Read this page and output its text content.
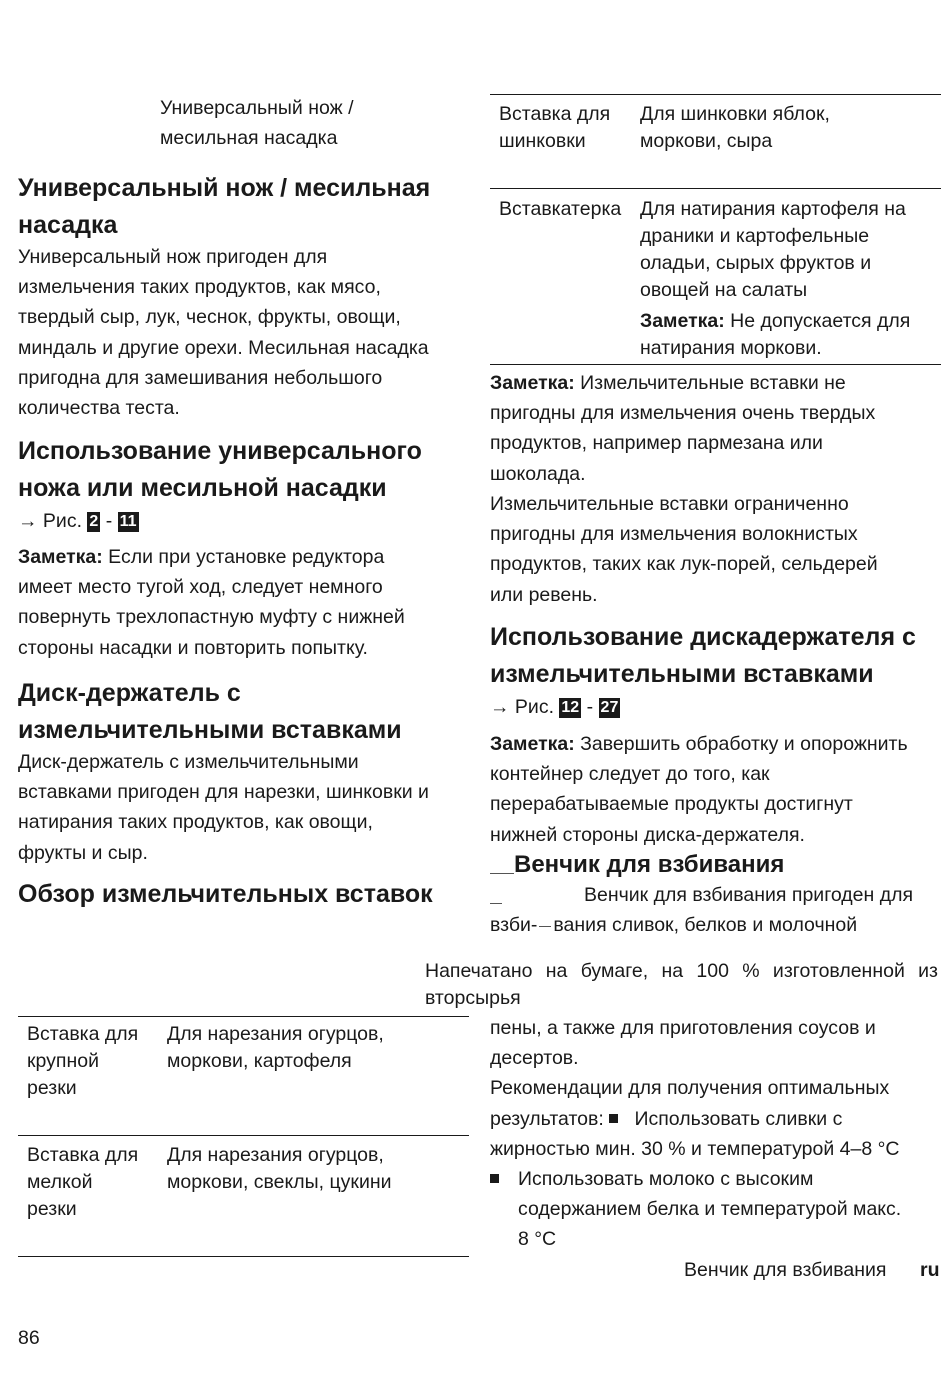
Универсальный нож /
месильная насадка
Универсальный нож / месильная
насадка
Универсальный нож пригоден для
измельчения таких продуктов, как мясо,
твердый сыр, лук, чеснок, фрукты, овощи,
миндаль и другие орехи. Месильная насадка
пригодна для замешивания небольшого
количества теста.
Использование универсального
ножа или месильной насадки
→ Рис. 2 - 11
Заметка: Если при установке редуктора
имеет место тугой ход, следует немного
повернуть трехлопастную муфту с нижней
стороны насадки и повторить попытку.
Диск-держатель с
измельчительными вставками
Диск-держатель с измельчительными
вставками пригоден для нарезки, шинковки и
натирания таких продуктов, как овощи,
фрукты и сыр.
Обзор измельчительных вставок
Вставка для
крупной
резки
Для нарезания огурцов,
моркови, картофеля
Вставка для
мелкой
резки
Для нарезания огурцов,
моркови, свеклы, цукини
Вставка для
шинковки
Для шинковки яблок,
моркови, сыра
Вставкатерка Для натирания картофеля на
драники и картофельные
оладьи, сырых фруктов и
овощей на салаты
Заметка: Не допускается для
натирания моркови.
Заметка: Измельчительные вставки не
пригодны для измельчения очень твердых
продуктов, например пармезана или
шоколада.
Измельчительные вставки ограниченно
пригодны для измельчения волокнистых
продуктов, таких как лук-порей, сельдерей
или ревень.
Использование дискадержателя с
измельчительными вставками
→ Рис. 12 - 27
Заметка: Завершить обработку и опорожнить
контейнер следует до того, как
перерабатываемые продукты достигнут
нижней стороны диска-держателя.
Венчик для взбивания
Венчик для взбивания пригоден для
взби- вания сливок, белков и молочной
Напечатано на бумаге, на 100 % изготовленной из
вторсырья
пены, а также для приготовления соусов и
десертов.
Рекомендации для получения оптимальных
результатов: Использовать сливки с
жирностью мин. 30 % и температурой 4–8 °C
Использовать молоко с высоким
содержанием белка и температурой макс.
8 °C
Венчик для взбивания ru
86
